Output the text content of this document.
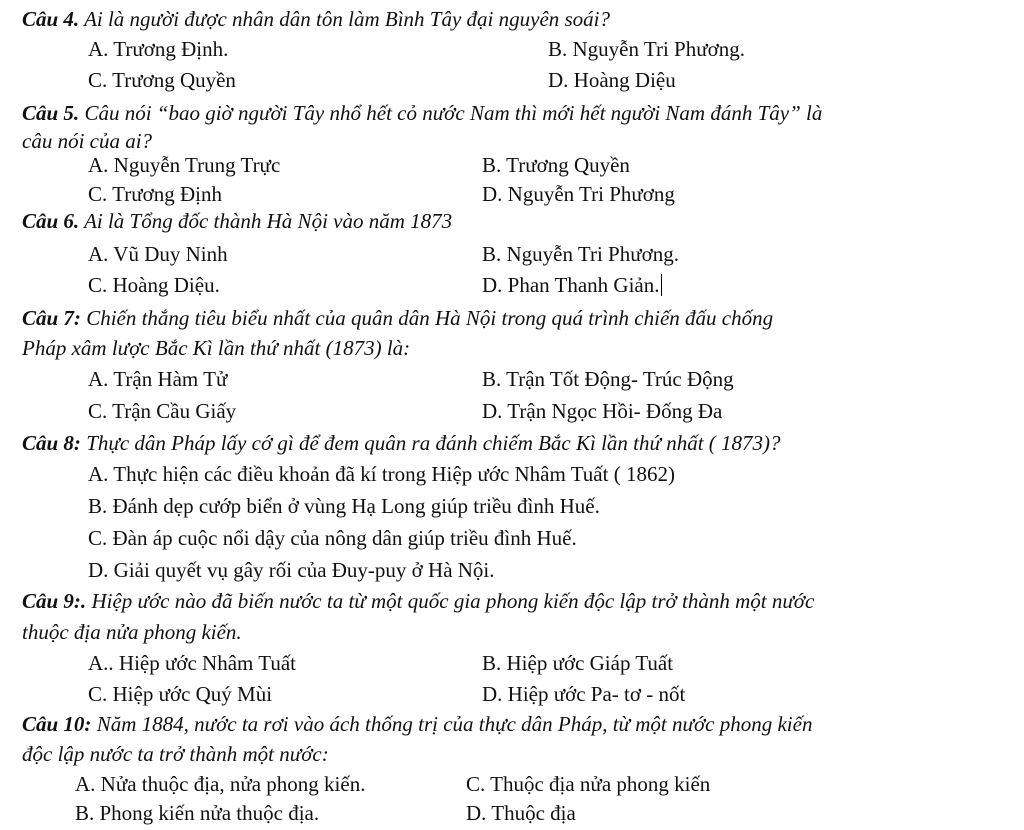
Câu 4. Ai là người được nhân dân tôn làm Bình Tây đại nguyên soái?
A. Trương Định.	B. Nguyễn Tri Phương.
C. Trương Quyền	D. Hoàng Diệu
Câu 5. Câu nói “bao giờ người Tây nhổ hết cỏ nước Nam thì mới hết người Nam đánh Tây” là
câu nói của ai?
A. Nguyễn Trung Trực	B. Trương Quyền
C. Trương Định	D. Nguyễn Tri Phương
Câu 6. Ai là Tổng đốc thành Hà Nội vào năm 1873
A. Vũ Duy Ninh	B. Nguyễn Tri Phương.
C. Hoàng Diệu.	D. Phan Thanh Giản.
Câu 7: Chiến thắng tiêu biểu nhất của quân dân Hà Nội trong quá trình chiến đấu chống
Pháp xâm lược Bắc Kì lần thứ nhất (1873) là:
A. Trận Hàm Tử	B. Trận Tốt Động- Trúc Động
C. Trận Cầu Giấy	D. Trận Ngọc Hồi- Đống Đa
Câu 8: Thực dân Pháp lấy cớ gì để đem quân ra đánh chiếm Bắc Kì lần thứ nhất ( 1873)?
A. Thực hiện các điều khoản đã kí trong Hiệp ước Nhâm Tuất ( 1862)
B. Đánh dẹp cướp biển ở vùng Hạ Long giúp triều đình Huế.
C. Đàn áp cuộc nổi dậy của nông dân giúp triều đình Huế.
D. Giải quyết vụ gây rối của Đuy-puy ở Hà Nội.
Câu 9:. Hiệp ước nào đã biến nước ta từ một quốc gia phong kiến độc lập trở thành một nước
thuộc địa nửa phong kiến.
A.. Hiệp ước Nhâm Tuất	B. Hiệp ước Giáp Tuất
C. Hiệp ước Quý Mùi	D. Hiệp ước Pa- tơ - nốt
Câu 10: Năm 1884, nước ta rơi vào ách thống trị của thực dân Pháp, từ một nước phong kiến
độc lập nước ta trở thành một nước:
A. Nửa thuộc địa, nửa phong kiến.	C. Thuộc địa nửa phong kiến
B. Phong kiến nửa thuộc địa.	D. Thuộc địa
